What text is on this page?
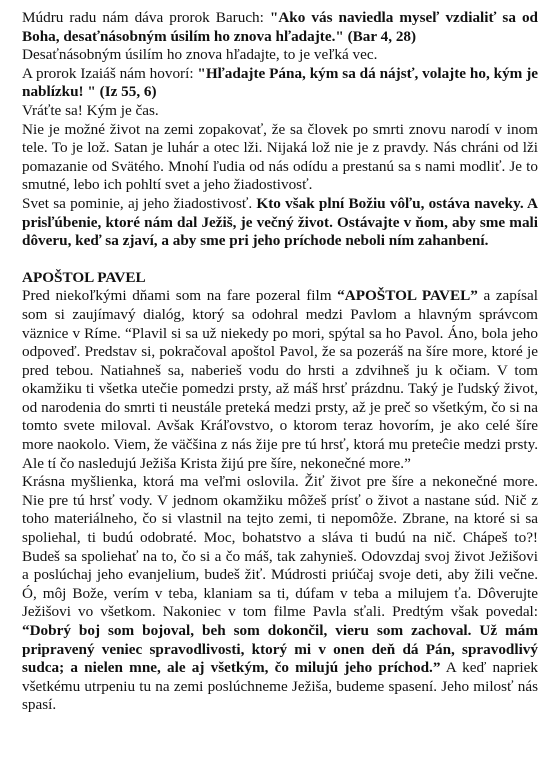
Múdru radu nám dáva prorok Baruch: "Ako vás naviedla myseľ vzdialiť sa od Boha, desaťnásobným úsilím ho znova hľadajte." (Bar 4, 28)

Desaťnásobným úsilím ho znova hľadajte, to je veľká vec.

A prorok Izaiáš nám hovorí: "Hľadajte Pána, kým sa dá nájsť, volajte ho, kým je nablízku! " (Iz 55, 6)

Vráťte sa! Kým je čas.

Nie je možné život na zemi zopakovať, že sa človek po smrti znovu narodí v inom tele. To je lož. Satan je luhár a otec lži. Nijaká lož nie je z pravdy. Nás chráni od lži pomazanie od Svätého. Mnohí ľudia od nás odídu a prestanú sa s nami modliť. Je to smutné, lebo ich pohltí svet a jeho žiadostivosť.

Svet sa pominie, aj jeho žiadostivosť. Kto však plní Božiu vôľu, ostáva naveky. A prisľúbenie, ktoré nám dal Ježiš, je večný život. Ostávajte v ňom, aby sme mali dôveru, keď sa zjaví, a aby sme pri jeho príchode neboli ním zahanbení.

APOŠTOL PAVEL

Pred niekoľkými dňami som na fare pozeral film “APOŠTOL PAVEL” a zapísal som si zaujímavý dialóg, ktorý sa odohral medzi Pavlom a hlavným správcom väznice v Ríme. “Plavil si sa už niekedy po mori, spýtal sa ho Pavol. Áno, bola jeho odpoveď. Predstav si, pokračoval apoštol Pavol, že sa pozeráš na šíre more, ktoré je pred tebou. Natiahneš sa, naberieš vodu do hrsti a zdvihneš ju k očiam. V tom okamžiku ti všetka utečie pomedzi prsty, až máš hrsť prázdnu. Taký je ľudský život, od narodenia do smrti ti neustále preteká medzi prsty, až je preč so všetkým, čo si na tomto svete miloval. Avšak Kráľovstvo, o ktorom teraz hovorím, je ako celé šíre more naokolo. Viem, že väčšina z nás žije pre tú hrsť, ktorá mu preteĉie medzi prsty. Ale tí čo nasledujú Ježiša Krista žijú pre šíre, nekonečné more.”

Krásna myšlienka, ktorá ma veľmi oslovila. Žiť život pre šíre a nekonečné more. Nie pre tú hrsť vody. V jednom okamžiku môžeš prísť o život a nastane súd. Nič z toho materiálneho, čo si vlastnil na tejto zemi, ti nepomôže. Zbrane, na ktoré si sa spoliehal, ti budú odobraté. Moc, bohatstvo a sláva ti budú na nič. Chápeš to?! Budeš sa spoliehať na to, čo si a čo máš, tak zahynieš. Odovzdaj svoj život Ježišovi a poslúchaj jeho evanjelium, budeš žiť. Múdrosti priúčaj svoje deti, aby žili večne. Ó, môj Bože, verím v teba, klaniam sa ti, dúfam v teba a milujem ťa. Dôverujte Ježišovi vo všetkom. Nakoniec v tom filme Pavla sťali. Predtým však povedal: “Dobrý boj som bojoval, beh som dokončil, vieru som zachoval. Už mám pripravený veniec spravodlivosti, ktorý mi v onen deň dá Pán, spravodlivý sudca; a nielen mne, ale aj všetkým, čo milujú jeho príchod.” A keď napriek všetkému utrpeniu tu na zemi poslúchneme Ježiša, budeme spasení. Jeho milosť nás spasí.
